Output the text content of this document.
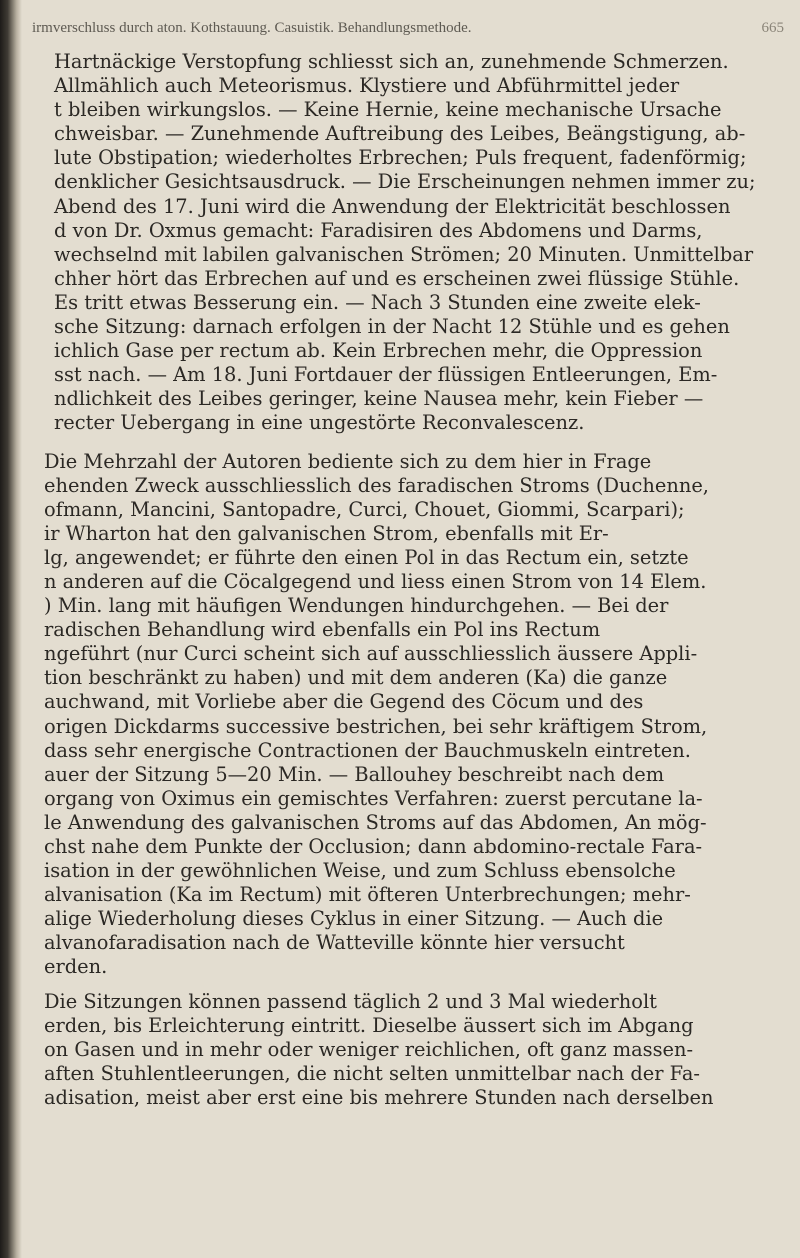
irmverschluss durch aton. Kothstauung. Casuistik. Behandlungsmethode.	665
Hartnäckige Verstopfung schliesst sich an, zunehmende Schmerzen.
Allmählich auch Meteorismus. Klystiere und Abführmittel jeder
t bleiben wirkungslos. — Keine Hernie, keine mechanische Ursache
chweisbar. — Zunehmende Auftreibung des Leibes, Beängstigung, ab-
lute Obstipation; wiederholtes Erbrechen; Puls frequent, fadenförmig;
denklicher Gesichtsausdruck. — Die Erscheinungen nehmen immer zu;
Abend des 17. Juni wird die Anwendung der Elektricität beschlossen
d von Dr. Oxmus gemacht: Faradisiren des Abdomens und Darms,
wechselnd mit labilen galvanischen Strömen; 20 Minuten. Unmittelbar
chher hört das Erbrechen auf und es erscheinen zwei flüssige Stühle.
Es tritt etwas Besserung ein. — Nach 3 Stunden eine zweite elek-
sche Sitzung: darnach erfolgen in der Nacht 12 Stühle und es gehen
ichlich Gase per rectum ab. Kein Erbrechen mehr, die Oppression
sst nach. — Am 18. Juni Fortdauer der flüssigen Entleerungen, Em-
ndlichkeit des Leibes geringer, keine Nausea mehr, kein Fieber —
recter Uebergang in eine ungestörte Reconvalescenz.
Die Mehrzahl der Autoren bediente sich zu dem hier in Frage
ehenden Zweck ausschliesslich des faradischen Stroms (Duchenne,
ofmann, Mancini, Santopadre, Curci, Chouet, Giommi, Scarpari);
ir Wharton hat den galvanischen Strom, ebenfalls mit Er-
lg, angewendet; er führte den einen Pol in das Rectum ein, setzte
n anderen auf die Cöcalgegend und liess einen Strom von 14 Elem.
) Min. lang mit häufigen Wendungen hindurchgehen. — Bei der
radischen Behandlung wird ebenfalls ein Pol ins Rectum
ngeführt (nur Curci scheint sich auf ausschliesslich äussere Appli-
tion beschränkt zu haben) und mit dem anderen (Ka) die ganze
auchwand, mit Vorliebe aber die Gegend des Cöcum und des
origen Dickdarms successive bestrichen, bei sehr kräftigem Strom,
dass sehr energische Contractionen der Bauchmuskeln eintreten.
auer der Sitzung 5—20 Min. — Ballouhey beschreibt nach dem
organg von Oximus ein gemischtes Verfahren: zuerst percutane la-
le Anwendung des galvanischen Stroms auf das Abdomen, An mög-
chst nahe dem Punkte der Occlusion; dann abdomino-rectale Fara-
isation in der gewöhnlichen Weise, und zum Schluss ebensolche
alvanisation (Ka im Rectum) mit öfteren Unterbrechungen; mehr-
alige Wiederholung dieses Cyklus in einer Sitzung. — Auch die
alvanofaradisation nach de Watteville könnte hier versucht
erden.
Die Sitzungen können passend täglich 2 und 3 Mal wiederholt
erden, bis Erleichterung eintritt. Dieselbe äussert sich im Abgang
on Gasen und in mehr oder weniger reichlichen, oft ganz massen-
aften Stuhlentleerungen, die nicht selten unmittelbar nach der Fa-
adisation, meist aber erst eine bis mehrere Stunden nach derselben
